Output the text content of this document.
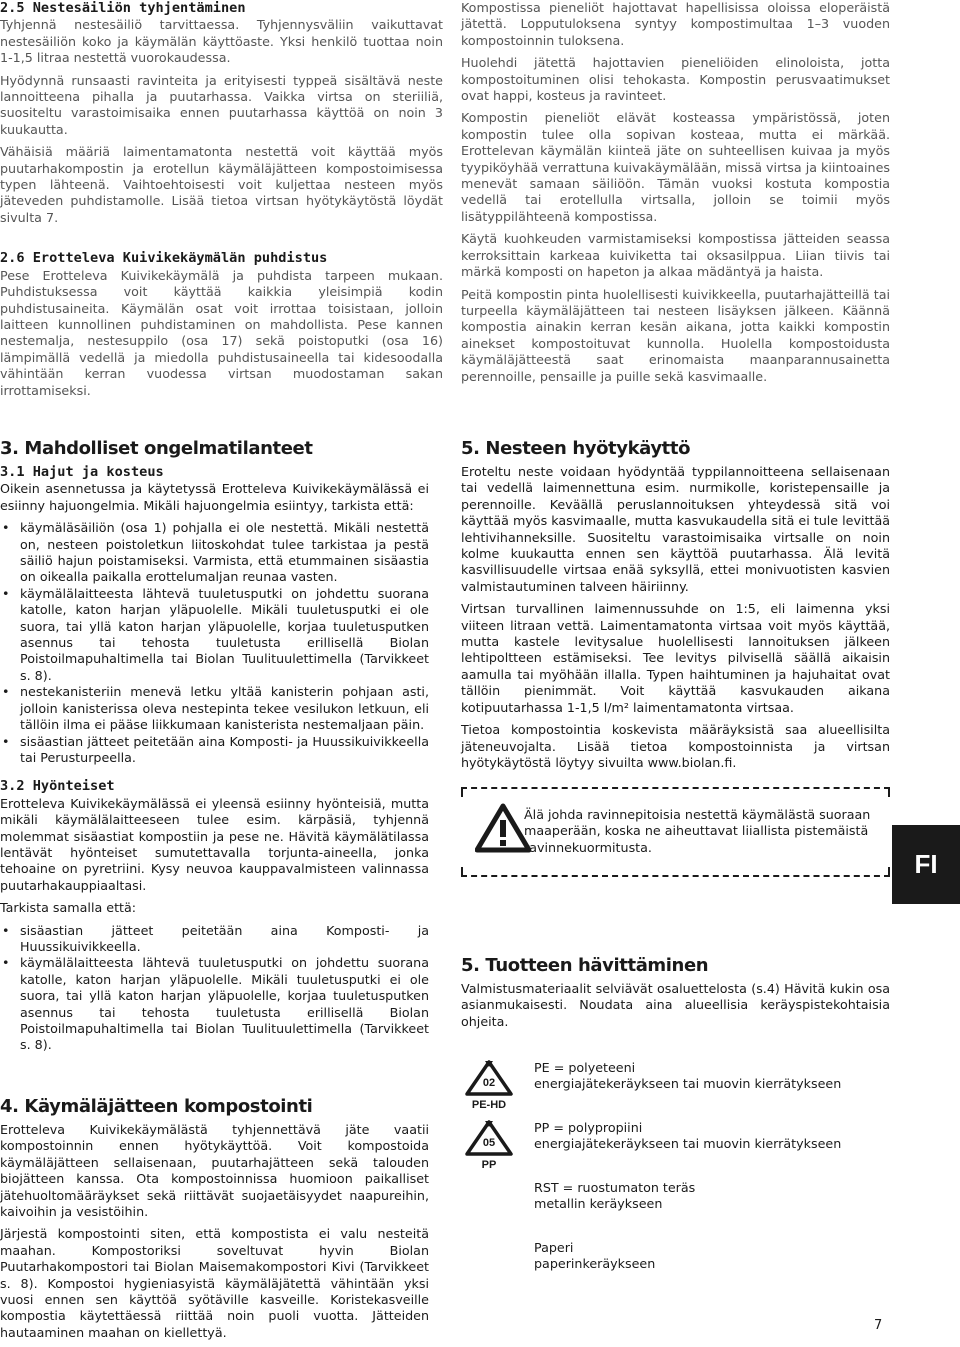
2.5 Nestesäiliön tyhjentäminen

Tyhjennä nestesäiliö tarvittaessa. Tyhjennysväliin vaikuttavat nestesäiliön koko ja käymälän käyttöaste. Yksi henkilö tuottaa noin 1-1,5 litraa nestettä vuorokaudessa.

Hyödynnä runsaasti ravinteita ja erityisesti typpeä sisältävä neste lannoitteena pihalla ja puutarhassa. Vaikka virtsa on steriiliä, suositeltu varastoimisaika ennen puutarhassa käyttöä on noin 3 kuukautta.

Vähäisiä määriä laimentamatonta nestettä voit käyttää myös puutarhakompostin ja erotellun käymäläjätteen kompostoimisessa typen lähteenä. Vaihtoehtoisesti voit kuljettaa nesteen myös jäteveden puhdistamolle. Lisää tietoa virtsan hyötykäytöstä löydät sivulta 7.

2.6 Erotteleva Kuivikekäymälän puhdistus

Pese Erotteleva Kuivikekäymälä ja puhdista tarpeen mukaan. Puhdistuksessa voit käyttää kaikkia yleisimpiä kodin puhdistusaineita. Käymälän osat voit irrottaa toisistaan, jolloin laitteen kunnollinen puhdistaminen on mahdollista. Pese kannen nestemalja, nestesuppilo (osa 17) sekä poistoputki (osa 16) lämpimällä vedellä ja miedolla puhdistusaineella tai kidesoodalla vähintään kerran vuodessa virtsan muodostaman sakan irrottamiseksi.

Kompostissa pieneliöt hajottavat hapellisissa oloissa eloperäistä jätettä. Lopputuloksena syntyy kompostimultaa 1–3 vuoden kompostoinnin tuloksena.

Huolehdi jätettä hajottavien pieneliöiden elinoloista, jotta kompostoituminen olisi tehokasta. Kompostin perusvaatimukset ovat happi, kosteus ja ravinteet.

Kompostin pieneliöt elävät kosteassa ympäristössä, joten kompostin tulee olla sopivan kosteaa, mutta ei märkää. Erottelevan käymälän kiinteä jäte on suhteellisen kuivaa ja myös tyypiköyhää verrattuna kuivakäymälään, missä virtsa ja kiintoaines menevät samaan säiliöön. Tämän vuoksi kostuta kompostia vedellä tai erotellulla virtsalla, jolloin se toimii myös lisätyppilähteenä kompostissa.

Käytä kuohkeuden varmistamiseksi kompostissa jätteiden seassa kerroksittain karkeaa kuiviketta tai oksasilppua. Liian tiivis tai märkä komposti on hapeton ja alkaa mädäntyä ja haista.

Peitä kompostin pinta huolellisesti kuivikkeella, puutarhajätteillä tai turpeella käymäläjätteen tai nesteen lisäyksen jälkeen. Käännä kompostia ainakin kerran kesän aikana, jotta kaikki kompostin ainekset kompostoituvat kunnolla. Huolella kompostoidusta käymäläjätteestä saat erinomaista maanparannusainetta perennoille, pensaille ja puille sekä kasvimaalle.

3. Mahdolliset ongelmatilanteet
3.1 Hajut ja kosteus

Oikein asennetussa ja käytetyssä Erotteleva Kuivikekäymälässä ei esiinny hajuongelmia. Mikäli hajuongelmia esiintyy, tarkista että:

• käymäläsäiliön (osa 1) pohjalla ei ole nestettä. Mikäli nestettä on, nesteen poistoletkun liitoskohdat tulee tarkistaa ja pestä säiliö hajun poistamiseksi. Varmista, että etummainen sisäastia on oikealla paikalla erottelumaljan reunaa vasten.
• käymälälaitteesta lähtevä tuuletusputki on johdettu suorana katolle, katon harjan yläpuolelle. Mikäli tuuletusputki ei ole suora, tai yllä katon harjan yläpuolelle, korjaa tuuletusputken asennus tai tehosta tuuletusta erillisellä Biolan Poistoilmapuhaltimella tai Biolan Tuulituulettimella (Tarvikkeet s. 8).
• nestekanisteriin menevä letku yltää kanisterin pohjaan asti, jolloin kanisterissa oleva nestepinta tekee vesilukon letkuun, eli tällöin ilma ei pääse liikkumaan kanisterista nestemaljaan päin.
• sisäastian jätteet peitetään aina Komposti- ja Huussikuivikkeella tai Perusturpeella.
3.2 Hyönteiset

Erotteleva Kuivikekäymälässä ei yleensä esiinny hyönteisiä, mutta mikäli käymälälaitteeseen tulee esim. kärpäsiä, tyhjennä molemmat sisäastiat kompostiin ja pese ne. Hävitä käymälätilassa lentävät hyönteiset sumutettavalla torjunta-aineella, jonka tehoaine on pyretriini. Kysy neuvoa kauppavalmisteen valinnassa puutarhakauppiaaltasi.

Tarkista samalla että:

• sisäastian jätteet peitetään aina Komposti- ja Huussikuivikkeella.
• käymälälaitteesta lähtevä tuuletusputki on johdettu suorana katolle, katon harjan yläpuolelle. Mikäli tuuletusputki ei ole suora, tai yllä katon harjan yläpuolelle, korjaa tuuletusputken asennus tai tehosta tuuletusta erillisellä Biolan Poistoilmapuhaltimella tai Biolan Tuulituulettimella (Tarvikkeet s. 8).
4. Käymäläjätteen kompostointi

Erotteleva Kuivikekäymälästä tyhjennettävä jäte vaatii kompostoinnin ennen hyötykäyttöä. Voit kompostoida käymäläjätteen sellaisenaan, puutarhajätteen sekä talouden biojätteen kanssa. Ota kompostoinnissa huomioon paikalliset jätehuoltomääräykset sekä riittävät suojaetäisyydet naapureihin, kaivoihin ja vesistöihin.

Järjestä kompostointi siten, että kompostista ei valu nesteitä maahan. Kompostoriksi soveltuvat hyvin Biolan Puutarhakompostori tai Biolan Maisemakompostori Kivi (Tarvikkeet s. 8). Kompostoi hygieniasyistä käymäläjätettä vähintään yksi vuosi ennen sen käyttöä syötäville kasveille. Koristekasveille kompostia käytettäessä riittää noin puoli vuotta. Jätteiden hautaaminen maahan on kiellettyä.

5. Nesteen hyötykäyttö

Eroteltu neste voidaan hyödyntää typpilannoitteena sellaisenaan tai vedellä laimennettuna esim. nurmikolle, koristepensaille ja perennoille. Keväällä peruslannoituksen yhteydessä sitä voi käyttää myös kasvimaalle, mutta kasvukaudella sitä ei tule levittää lehtivihanneksille. Suositeltu varastoimisaika virtsalle on noin kolme kuukautta ennen sen käyttöä puutarhassa. Älä levitä kasvillisuudelle virtsaa enää syksyllä, ettei monivuotisten kasvien valmistautuminen talveen häiriinny.

Virtsan turvallinen laimennussuhde on 1:5, eli laimenna yksi viiteen litraan vettä. Laimentamatonta virtsaa voit myös käyttää, mutta kastele levitysalue huolellisesti lannoituksen jälkeen lehtipoltteen estämiseksi. Tee levitys pilvisellä säällä aikaisin aamulla tai myöhään illalla. Typen haihtuminen ja hajuhaitat ovat tällöin pienimmät. Voit käyttää kasvukauden aikana kotipuutarhassa 1-1,5 l/m² laimentamatonta virtsaa.

Tietoa kompostointia koskevista määräyksistä saa alueellisilta jäteneuvojalta. Lisää tietoa kompostoinnista ja virtsan hyötykäytöstä löytyy sivuilta www.biolan.fi.

Älä johda ravinnepitoisia nestettä käymälästä suoraan maaperään, koska ne aiheuttavat liiallista pistemäistä ravinnekuormitusta.
5. Tuotteen hävittäminen

Valmistusmateriaalit selviävät osaluettelosta (s.4) Hävitä kukin osa asianmukaisesti. Noudata aina alueellisia keräyspistekohtaisia ohjeita.

02
PE-HD
PE = polyeteeni
energiajätekeräykseen tai muovin kierrätykseen
05
PP
PP = polypropiini
energiajätekeräykseen tai muovin kierrätykseen
RST = ruostumaton teräs
metallin keräykseen
Paperi
paperinkeräykseen
FI
7
